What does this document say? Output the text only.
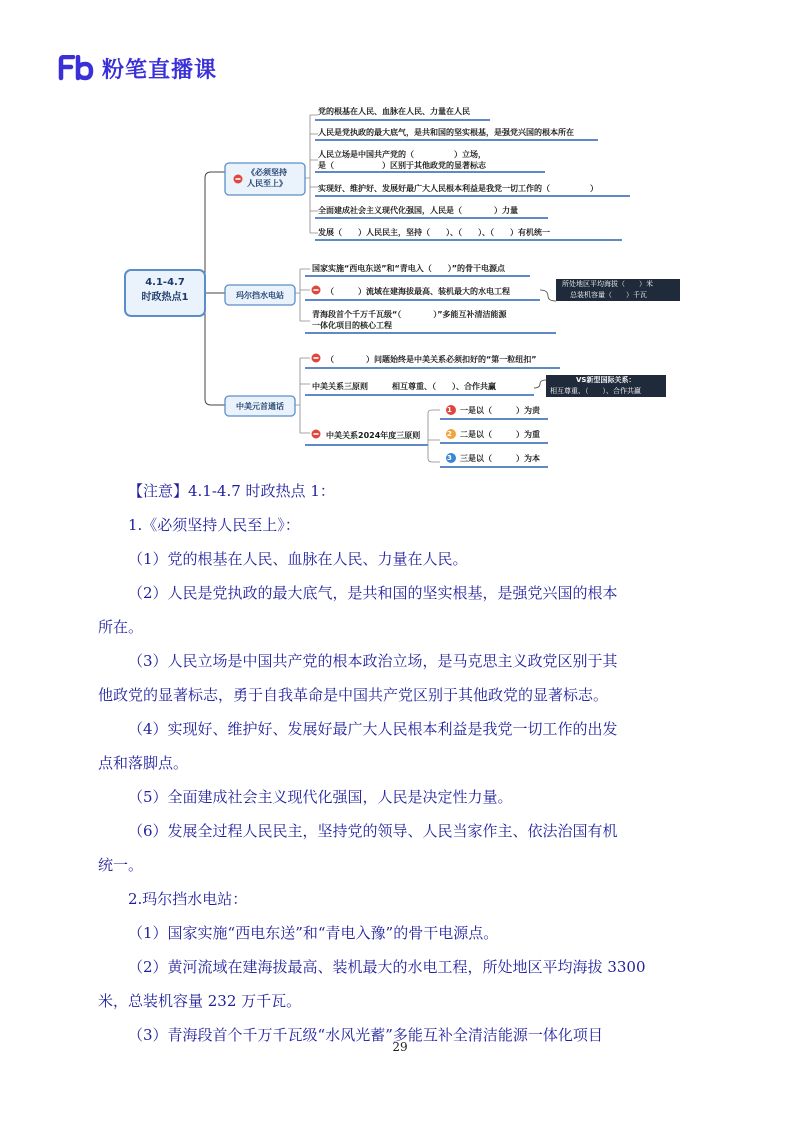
粉笔直播课
4.1-4.7
时政热点1
《必须坚持
人民至上》
党的根基在人民、血脉在人民、力量在人民
人民是党执政的最大底气，是共和国的坚实根基，是强党兴国的根本所在
人民立场是中国共产党的（　　　　　）立场，
是（　　　　　　）区别于其他政党的显著标志
实现好、维护好、发展好最广大人民根本利益是我党一切工作的（　　　　　）
全面建成社会主义现代化强国，人民是（　　　　）力量
发展（　　）人民民主，坚持（　　）、（　　）、（　　）有机统一
玛尔挡水电站
国家实施“西电东送”和“青电入（　　）”的骨干电源点
（　　　）流域在建海拔最高、装机最大的水电工程
青海段首个千万千瓦级“（　　　　）”多能互补清洁能源
一体化项目的核心工程
所处地区平均海拔（　　）米
总装机容量（　　）千瓦
中美元首通话
（　　　　）问题始终是中美关系必须扣好的“第一粒纽扣”
中美关系三原则	相互尊重、（　　）、合作共赢
中美关系2024年度三原则
VS新型国际关系：
相互尊重、（　　）、合作共赢
1
2
3
一是以（　　　）为责
二是以（　　　）为重
三是以（　　　）为本

【注意】4.1-4.7 时政热点 1：

1.《必须坚持人民至上》：

（1）党的根基在人民、血脉在人民、力量在人民。

（2）人民是党执政的最大底气，是共和国的坚实根基，是强党兴国的根本

所在。

（3）人民立场是中国共产党的根本政治立场，是马克思主义政党区别于其

他政党的显著标志，勇于自我革命是中国共产党区别于其他政党的显著标志。

（4）实现好、维护好、发展好最广大人民根本利益是我党一切工作的出发

点和落脚点。

（5）全面建成社会主义现代化强国，人民是决定性力量。

（6）发展全过程人民民主，坚持党的领导、人民当家作主、依法治国有机

统一。

2.玛尔挡水电站：

（1）国家实施“西电东送”和“青电入豫”的骨干电源点。

（2）黄河流域在建海拔最高、装机最大的水电工程，所处地区平均海拔 3300

米，总装机容量 232 万千瓦。

（3）青海段首个千万千瓦级“水风光蓄”多能互补全清洁能源一体化项目

29
